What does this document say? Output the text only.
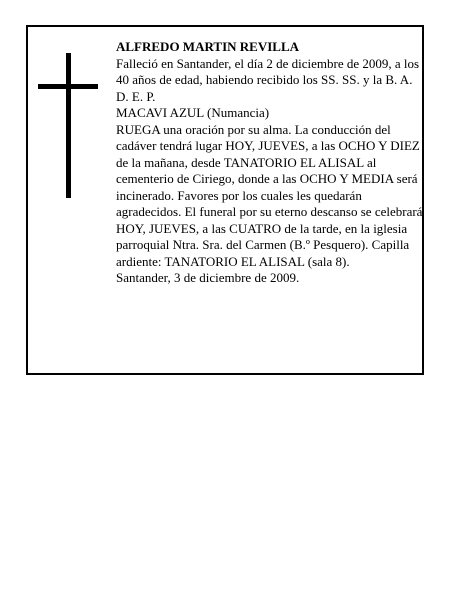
ALFREDO MARTIN REVILLA

Falleció en Santander, el día 2 de diciembre de 2009, a los 40 años de edad, habiendo recibido los SS. SS. y la B. A.

D. E. P.

MACAVI AZUL (Numancia)

RUEGA una oración por su alma. La conducción del cadáver tendrá lugar HOY, JUEVES, a las OCHO Y DIEZ de la mañana, desde TANATORIO EL ALISAL al cementerio de Ciriego, donde a las OCHO Y MEDIA será incinerado. Favores por los cuales les quedarán agradecidos. El funeral por su eterno descanso se celebrará HOY, JUEVES, a las CUATRO de la tarde, en la iglesia parroquial Ntra. Sra. del Carmen (B.º Pesquero). Capilla ardiente: TANATORIO EL ALISAL (sala 8).

Santander, 3 de diciembre de 2009.
